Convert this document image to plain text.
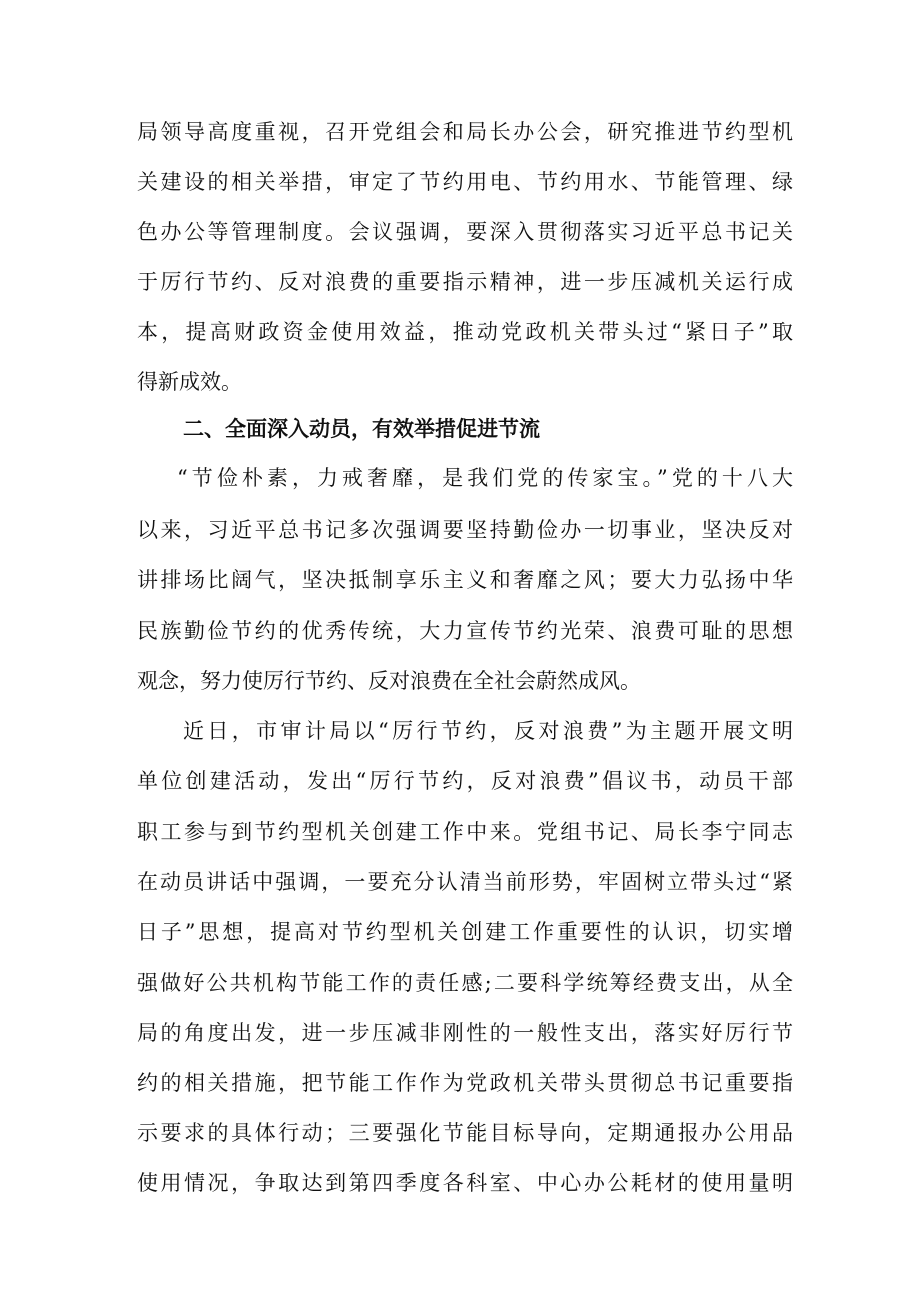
局领导高度重视，召开党组会和局长办公会，研究推进节约型机
关建设的相关举措，审定了节约用电、节约用水、节能管理、绿
色办公等管理制度。会议强调，要深入贯彻落实习近平总书记关
于厉行节约、反对浪费的重要指示精神，进一步压减机关运行成
本，提高财政资金使用效益，推动党政机关带头过“紧日子”取
得新成效。
二、全面深入动员，有效举措促进节流
“节俭朴素，力戒奢靡，是我们党的传家宝。”党的十八大
以来，习近平总书记多次强调要坚持勤俭办一切事业，坚决反对
讲排场比阔气，坚决抵制享乐主义和奢靡之风；要大力弘扬中华
民族勤俭节约的优秀传统，大力宣传节约光荣、浪费可耻的思想
观念，努力使厉行节约、反对浪费在全社会蔚然成风。
近日，市审计局以“厉行节约，反对浪费”为主题开展文明
单位创建活动，发出“厉行节约，反对浪费”倡议书，动员干部
职工参与到节约型机关创建工作中来。党组书记、局长李宁同志
在动员讲话中强调，一要充分认清当前形势，牢固树立带头过“紧
日子”思想，提高对节约型机关创建工作重要性的认识，切实增
强做好公共机构节能工作的责任感;二要科学统筹经费支出，从全
局的角度出发，进一步压减非刚性的一般性支出，落实好厉行节
约的相关措施，把节能工作作为党政机关带头贯彻总书记重要指
示要求的具体行动；三要强化节能目标导向，定期通报办公用品
使用情况，争取达到第四季度各科室、中心办公耗材的使用量明
